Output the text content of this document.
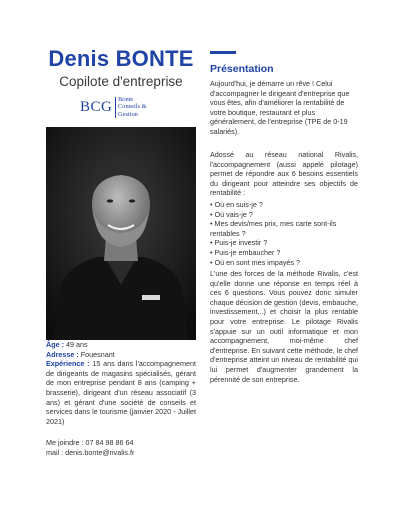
Denis BONTE
Copilote d'entreprise
BCG Bonte
Conseils &
Gestion

Âge : 49 ans

Adresse : Fouesnant

Expérience : 15 ans dans l'accompagnement de dirigeants de magasins spécialisés, gérant de mon entreprise pendant 8 ans (camping + brasserie), dirigeant d'un réseau associatif (3 ans) et gérant d'une société de conseils et services dans le tourisme (janvier 2020 - Juillet 2021)

Me joindre : 07 84 98 86 64

mail : denis.bonte@rivalis.fr

Présentation

Aujourd'hui, je démarre un rêve ! Celui d'accompagner le dirigeant d'entreprise que vous êtes, afin d'améliorer la rentabilité de votre boutique, restaurant et plus généralement, de l'entreprise (TPE de 0-19 salariés).

Adossé au réseau national Rivalis, l'accompagnement (aussi appelé pilotage) permet de répondre aux 6 besoins essentiels du dirigeant pour atteindre ses objectifs de rentabilité :

• Où en suis-je ?
• Où vais-je ?
• Mes devis/mes prix, mes carte sont-ils rentables ?
• Puis-je investir ?
• Puis-je embaucher ?
• Où en sont mes impayés ?

L'une des forces de la méthode Rivalis, c'est qu'elle donne une réponse en temps réel à ces 6 questions. Vous pouvez donc simuler chaque décision de gestion (devis, embauche, investissement,..) et choisir la plus rentable pour votre entreprise. Le pilotage Rivalis s'appuie sur un outil informatique et mon accompagnement, moi-même chef d'entreprise. En suivant cette méthode, le chef d'entreprise atteint un niveau de rentabilité qui lui permet d'augmenter grandement la pérennité de son entreprise.
